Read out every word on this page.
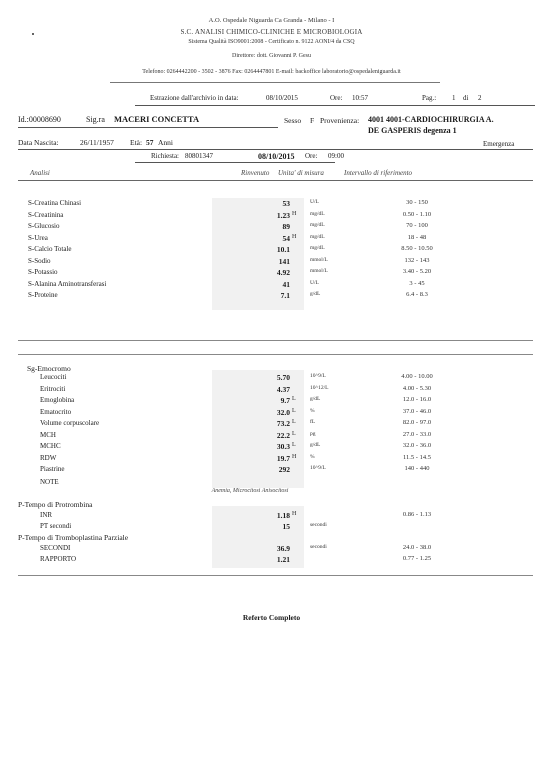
A.O. Ospedale Niguarda Ca Granda - Milano - I
S.C. ANALISI CHIMICO-CLINICHE E MICROBIOLOGIA
Sistema Qualità ISO9001:2008 - Certificato n. 9122 AONI/4 da CSQ
Direttore: dott. Giovanni P. Gesu
Telefono: 0264442200 - 3502 - 3876 Fax: 0264447801 E-mail: backoffice laboratorio@ospedaleniguarda.it
Estrazione dall'archivio in data:	08/10/2015	Ore: 10:57	Pag.: 1 di 2
Id.:00008690	Sig.ra MACERI CONCETTA	Sesso F Provenienza: 4001 4001-CARDIOCHIRURGIA A.
DE GASPERIS degenza 1
Data Nascita:	26/11/1957 Età: 57 Anni	Emergenza
Richiesta: 80801347	08/10/2015 Ore: 09:00
Analisi	Rinvenuto Unita' di misura	Intervallo di riferimento
S-Creatina Chinasi	53	U/L	30 - 150
S-Creatinina	1.23 H mg/dL	0.50 - 1.10
S-Glucosio	89	mg/dL	70 - 100
S-Urea	54 H mg/dL	18 - 48
S-Calcio Totale	10.1	mg/dL	8.50 - 10.50
S-Sodio	141	mmol/L	132 - 143
S-Potassio	4.92	mmol/L	3.40 - 5.20
S-Alanina Aminotransferasi	41	U/L	3 - 45
S-Proteine	7.1	g/dL	6.4 - 8.3
Sg-Emocromo
Leucociti	5.70	10^9/L	4.00 - 10.00
Eritrociti	4.37	10^12/L	4.00 - 5.30
Emoglobina	9.7 L	g/dL	12.0 - 16.0
Ematocrito	32.0 L	%	37.0 - 46.0
Volume corpuscolare	73.2 L	fL	82.0 - 97.0
MCH	22.2 L	pg	27.0 - 33.0
MCHC	30.3 L	g/dL	32.0 - 36.0
RDW	19.7 H %	11.5 - 14.5
Piastrine	292	10^9/L	140 - 440
NOTE
Anemia, Microcitosi Anisocitosi
P-Tempo di Protrombina
INR	1.18 H	0.86 - 1.13
PT secondi	15	secondi
P-Tempo di Tromboplastina Parziale
SECONDI	36.9	secondi	24.0 - 38.0
RAPPORTO	1.21	0.77 - 1.25
Referto Completo
